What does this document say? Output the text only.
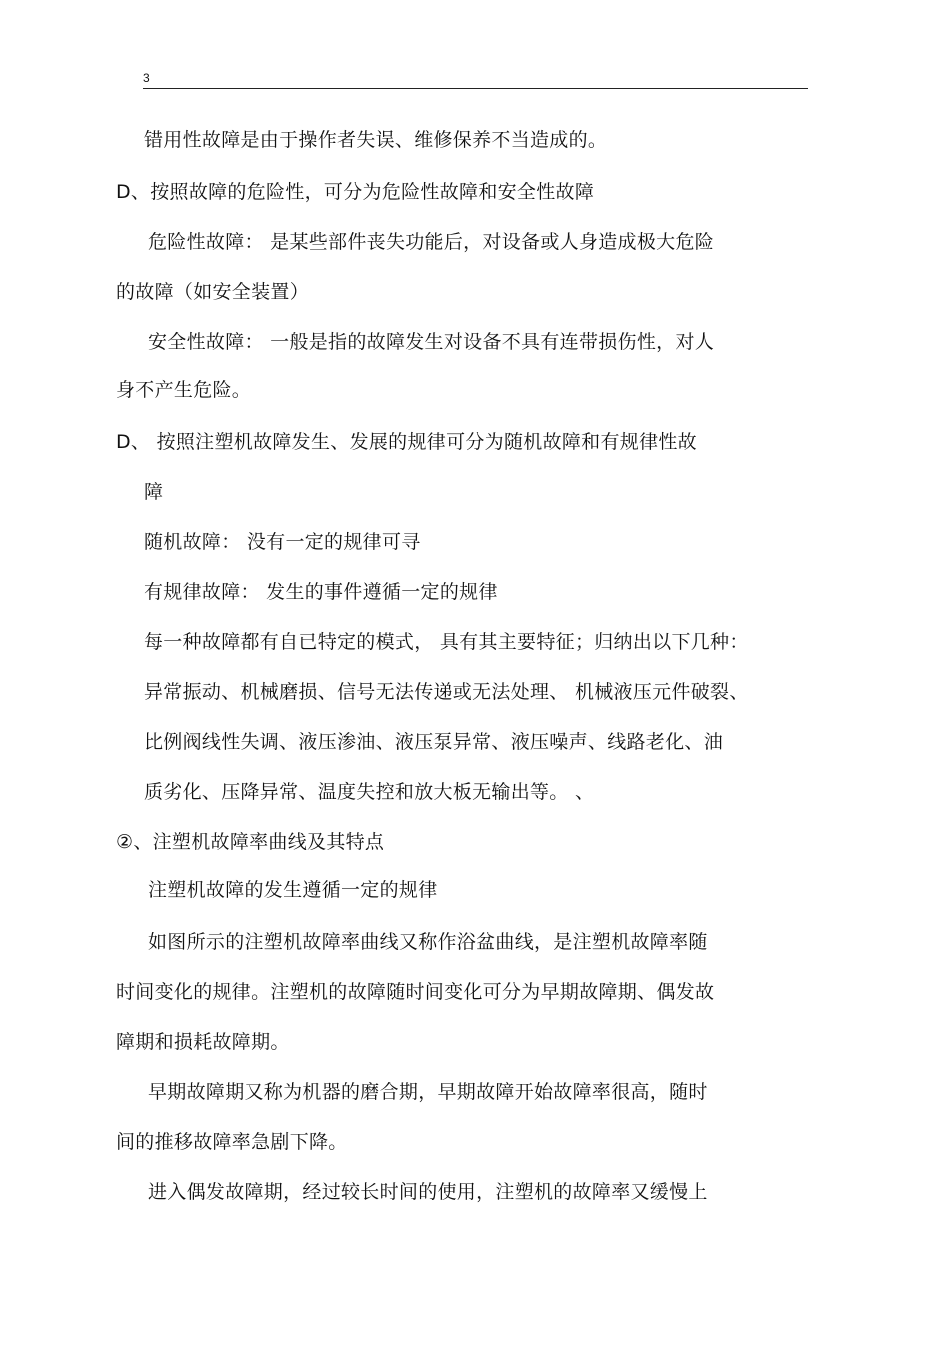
3
错用性故障是由于操作者失误、维修保养不当造成的。
D、按照故障的危险性，可分为危险性故障和安全性故障
危险性故障： 是某些部件丧失功能后，对设备或人身造成极大危险
的故障（如安全装置）
安全性故障： 一般是指的故障发生对设备不具有连带损伤性，对人
身不产生危险。
D、 按照注塑机故障发生、发展的规律可分为随机故障和有规律性故
障
随机故障： 没有一定的规律可寻
有规律故障： 发生的事件遵循一定的规律
每一种故障都有自已特定的模式， 具有其主要特征；归纳出以下几种：
异常振动、机械磨损、信号无法传递或无法处理、 机械液压元件破裂、
比例阀线性失调、液压渗油、液压泵异常、液压噪声、线路老化、油
质劣化、压降异常、温度失控和放大板无输出等。 、
②、注塑机故障率曲线及其特点
注塑机故障的发生遵循一定的规律
如图所示的注塑机故障率曲线又称作浴盆曲线，是注塑机故障率随
时间变化的规律。注塑机的故障随时间变化可分为早期故障期、偶发故
障期和损耗故障期。
早期故障期又称为机器的磨合期，早期故障开始故障率很高，随时
间的推移故障率急剧下降。
进入偶发故障期，经过较长时间的使用，注塑机的故障率又缓慢上
